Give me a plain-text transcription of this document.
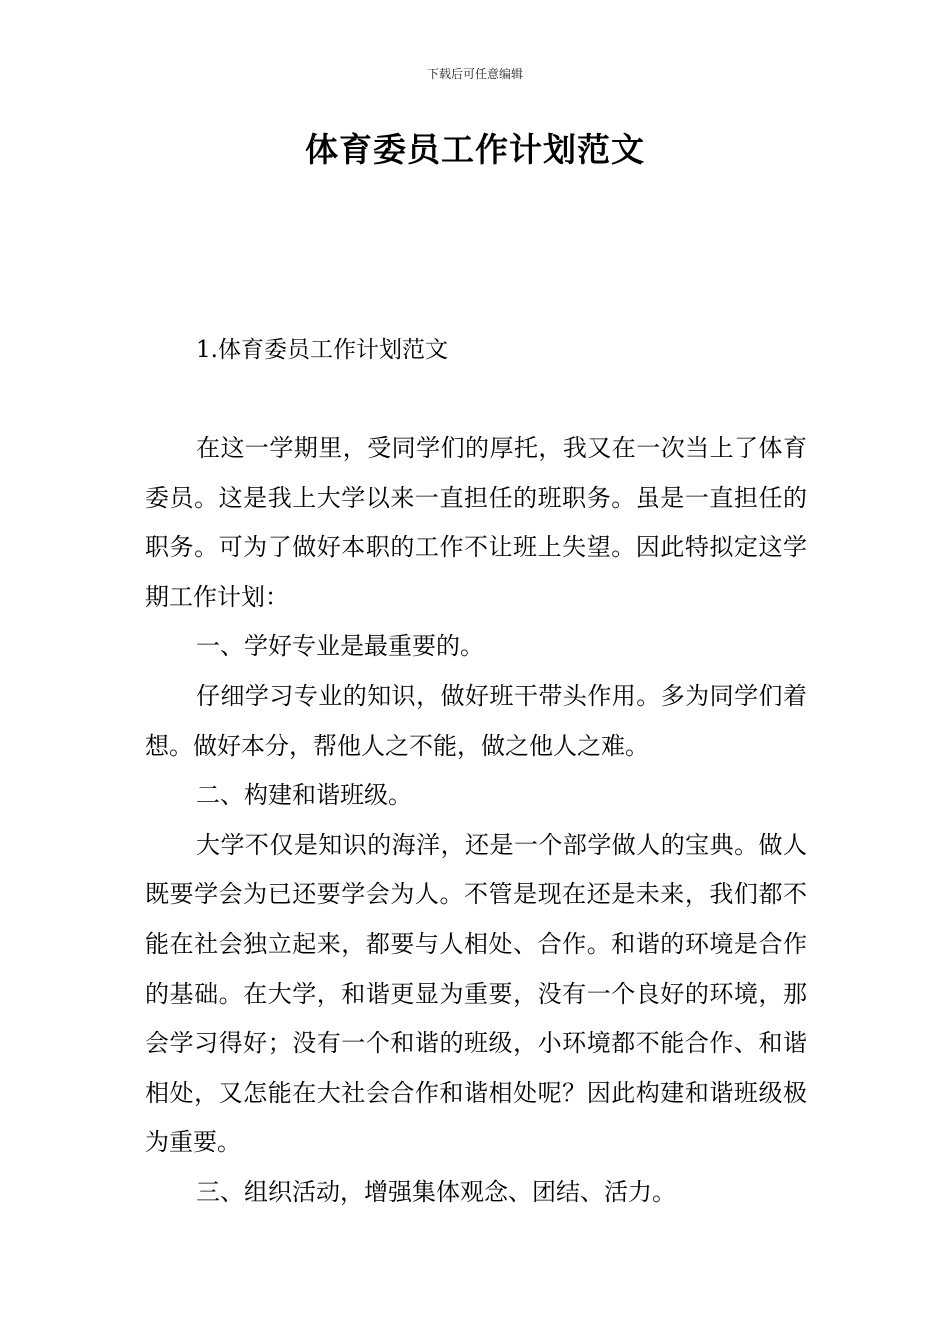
下载后可任意编辑
体育委员工作计划范文
1.体育委员工作计划范文

在这一学期里，受同学们的厚托，我又在一次当上了体育委员。这是我上大学以来一直担任的班职务。虽是一直担任的职务。可为了做好本职的工作不让班上失望。因此特拟定这学期工作计划：

一、学好专业是最重要的。

仔细学习专业的知识，做好班干带头作用。多为同学们着想。做好本分，帮他人之不能，做之他人之难。

二、构建和谐班级。

大学不仅是知识的海洋，还是一个部学做人的宝典。做人既要学会为已还要学会为人。不管是现在还是未来，我们都不能在社会独立起来，都要与人相处、合作。和谐的环境是合作的基础。在大学，和谐更显为重要，没有一个良好的环境，那会学习得好；没有一个和谐的班级，小环境都不能合作、和谐相处，又怎能在大社会合作和谐相处呢？因此构建和谐班级极为重要。

三、组织活动，增强集体观念、团结、活力。
